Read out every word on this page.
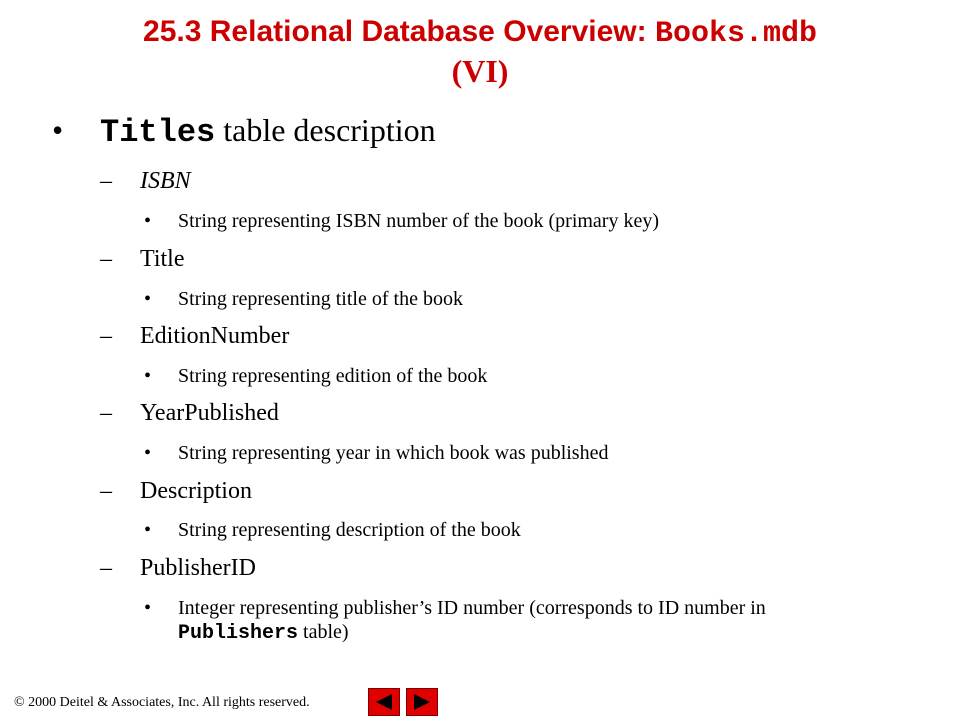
25.3 Relational Database Overview: Books.mdb
(VI)
• Titles table description
– ISBN
• String representing ISBN number of the book (primary key)
– Title
• String representing title of the book
– EditionNumber
• String representing edition of the book
– YearPublished
• String representing year in which book was published
– Description
• String representing description of the book
– PublisherID
• Integer representing publisher’s ID number (corresponds to ID number in Publishers table)
© 2000 Deitel & Associates, Inc. All rights reserved.
